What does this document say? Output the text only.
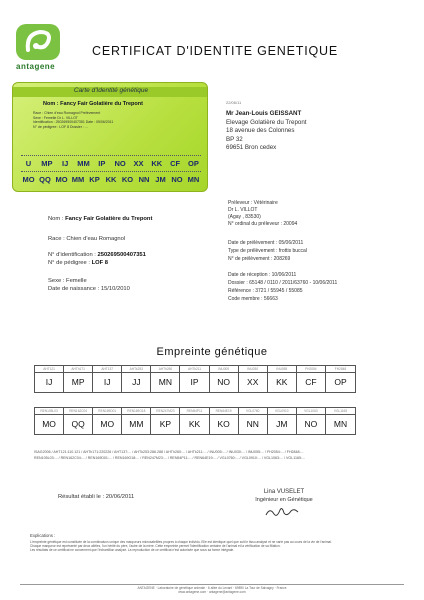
antagene
CERTIFICAT D'IDENTITE GENETIQUE
Carte d'Identité génétique
Nom : Fancy Fair Golatière du Trepont
Race : Chien d'eau Romagnol Prélèvement
Sexe : Femelle Dr L. VILLOT
Identification : 250269500407351 Date : 05/06/2011
N° de pédigree : LOF 8 Dossier : ...
U	MP	IJ	MM	IP	NO	XX	KK	CF	OP
MO QQ MO MM KP KK KO NN JM NO MN
22/06/11
Mr Jean-Louis GEISSANT
Elevage Golatière du Trepont
18 avenue des Colonnes
BP 32
69651 Bron cedex
Nom : Fancy Fair Golatière du Trepont
Race : Chien d'eau Romagnol
N° d'identification : 250269500407351
N° de pédigree : LOF 8
Sexe : Femelle
Date de naissance : 15/10/2010
Préleveur : Vétérinaire
Dr L. VILLOT
(Agay , 83530)
N° ordinal du préleveur : 20094
Date de prélèvement : 05/06/2011
Type de prélèvement : frottis buccal
N° de prélèvement : 208269
Date de réception : 10/06/2011
Dossier : 65148 / 0110 / 2011/63760 - 10/06/2011
Référence : 3721 / 55945 / 55085
Code membre : 56663
Empreinte génétique
AHT121	AHTh171	AHT137	AHTk253	AHTh260	AHTk211	INU005	INU030	INU055	FH2054	FH2848
IJ	MP	IJ	JJ	MN	IP	NO	XX	KK	CF	OP
REN105L03	REN162C04	REN169D01	REN169O18	REN247M23	REN54P11	REN64E19	VGL0760	VGL0910	VGL1063	VGL1165
MO	QQ	MO	MM	KP	KK	KO	NN	JM	NO	MN
ISAG2006 / AHT121:110.121 / AHTh171:220226 / AHT137:... / AHTk253:286.288 / AHTh260:... / AHTk211:... / INU005:... / INU030:... / INU055:... / FH2054:... / FH2848:...
REN105L03:... / REN162C04:... / REN169D01:... / REN169O18:... / REN247M23:... / REN54P11:... / REN64E19:... / VGL0760:... / VGL0910:... / VGL1063:... / VGL1165:...
Résultat établi le : 20/06/2011
Lina VUSELET
Ingénieur en Génétique
Explications :
L'empreinte génétique est constituée de la combinaison unique des marqueurs microsatellites propres à chaque individu. Elle est identique quel que soit le tissu analysé et ne varie pas au cours de la vie de l'animal.
Chaque marqueur est représenté par deux allèles, l'un hérité du père, l'autre de la mère. Cette empreinte permet l'identification certaine de l'animal et la vérification de sa filiation.
Les résultats de ce certificat ne concernent que l'échantillon analysé. La reproduction de ce certificat n'est autorisée que sous sa forme intégrale.
ANTAGENE · Laboratoire de génétique animale · 6 allée du Levant · 69890 La Tour de Salvagny · France
www.antagene.com · antagene@antagene.com
